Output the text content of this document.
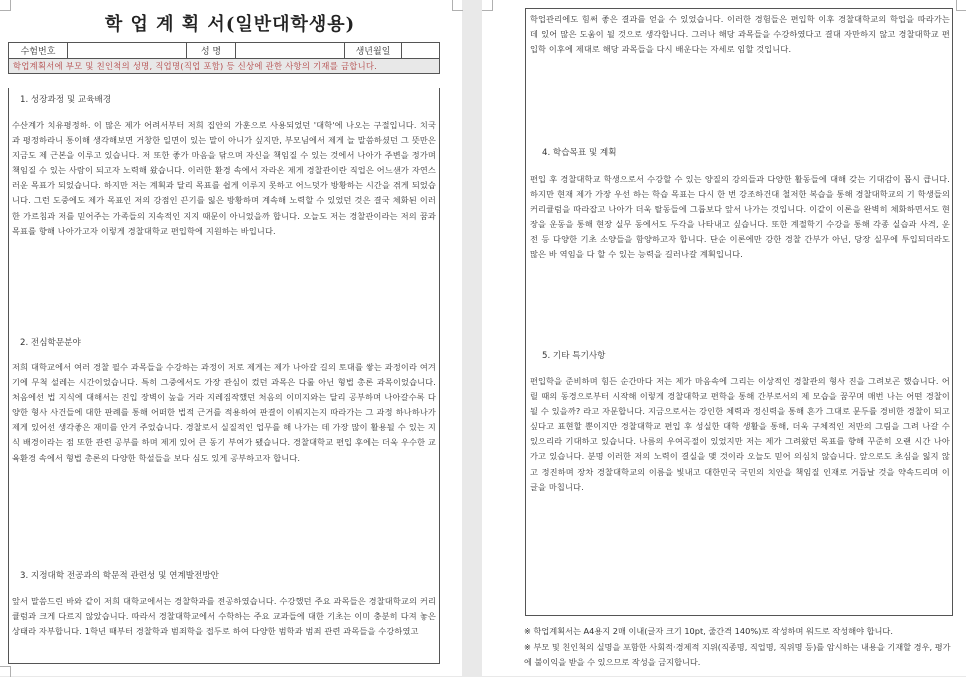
학 업 계 획 서(일반대학생용)
수험번호		성 명		생년월일	
학업계획서에 부모 및 친인척의 성명, 직업명(직업 포함) 등 신상에 관한 사항의 기재를 금합니다.
1. 성장과정 및 교육배경
수산계가 치유평정하. 이 많은 제가 어려서부터 저희 집안의 가훈으로 사용되었던 '대학'에 나오는 구절입니다. 치국과 평정하라니 통이해 생각해보면 거창한 일면이 있는 말이 아니가 싶지만, 부모님에서 제게 늘 말씀하셨던 그 뜻만은 지금도 제 근본을 이루고 있습니다. 저 또한 좋가 마음을 닦으며 자신을 책임질 수 있는 것에서 나아가 주변을 정가며 책임질 수 있는 사람이 되고자 노력해 왔습니다. 이러한 환경 속에서 자라온 제게 경찰관이란 직업은 어느샌가 자연스러운 목표가 되었습니다. 하지만 저는 계획과 달리 목표를 쉽게 이루지 못하고 어느덧가 방황하는 시간을 겪게 되었습니다. 그런 도중에도 제가 목표인 저의 강점인 끈기를 잃은 방황하며 계속해 노력할 수 있었던 것은 결국 체화된 이러한 가르침과 저를 믿어주는 가족들의 지속적인 지지 때문이 아니었을까 합니다. 오늘도 저는 경찰관이라는 저의 꿈과 목표를 향해 나아가고자 이렇게 경찰대학교 편입학에 지원하는 바입니다.
2. 전심학문분야
저희 대학교에서 여러 경찰 필수 과목들을 수강하는 과정이 저로 제게는 제가 나아갈 길의 토대를 쌓는 과정이라 여겨기에 무척 설레는 시간이었습니다. 특히 그중에서도 가장 관심이 컸던 과목은 다룰 아닌 형법 총론 과목이었습니다. 처음에선 법 지식에 대해서는 진입 장벽이 높을 거라 지레짐작했던 처음의 이미지와는 달리 공부하며 나아갈수록 다양한 형사 사건들에 대한 판례를 통해 어떠한 법적 근거를 적용하여 판결이 이뤄지는지 따라가는 그 과정 하나하나가 제게 있어선 생각좋은 재미를 안겨 주었습니다. 경찰로서 실질적인 업무를 해 나가는 데 가장 많이 활용될 수 있는 지식 배경이라는 점 또한 관련 공부를 하며 제게 있어 큰 동기 부여가 됐습니다. 경찰대학교 편입 후에는 더욱 우수한 교육환경 속에서 형법 총론의 다양한 학설들을 보다 심도 있게 공부하고자 합니다.
3. 지정대학 전공과의 학문적 관련성 및 연계발전방안
앞서 말씀드린 바와 같이 저희 대학교에서는 경찰학과를 전공하였습니다. 수강했던 주요 과목들은 경찰대학교의 커리큘럼과 크게 다르지 않았습니다. 따라서 경찰대학교에서 수학하는 주요 교과들에 대한 기초는 이미 충분히 다져 놓은 상태라 자부합니다. 1학년 때부터 경찰학과 범죄학을 접두로 하여 다양한 범학과 범죄 관련 과목들을 수강하였고
학업관리에도 힘써 좋은 결과를 얻을 수 있었습니다. 이러한 경험들은 편입학 이후 경찰대학교의 학업을 따라가는 데 있어 많은 도움이 될 것으로 생각합니다. 그러나 해당 과목들을 수강하였다고 결대 자만하지 않고 경찰대학교 편입학 이후에 제대로 해당 과목들을 다시 배운다는 자세로 임할 것입니다.
4. 학습목표 및 계획
편입 후 경찰대학교 학생으로서 수강할 수 있는 양질의 강의들과 다양한 활동들에 대해 갖는 기대감이 몹시 큽니다. 하지만 현재 제가 가장 우선 하는 학습 목표는 다시 한 번 강조하건대 철저한 복습을 통해 경찰대학교의 기 학생들의 커리큘럼을 따라잡고 나아가 더욱 탈동들에 그룹보다 앞서 나가는 것입니다. 이같이 이론을 완벽히 체화하면서도 현장을 운동을 통해 현장 실무 동에서도 두각을 나타내고 싶습니다. 또한 계절학기 수강을 통해 각종 실습과 사격, 운전 등 다양한 기초 소양들을 함양하고자 합니다. 단순 이론에만 강한 경찰 간부가 아닌, 당장 실무에 투입되더라도 많은 바 역임을 다 할 수 있는 능력을 길러나갈 계획입니다.
5. 기타 특기사항
편입학을 준비하며 힘든 순간마다 저는 제가 마음속에 그리는 이상적인 경찰관의 형사 진을 그려보곤 했습니다. 어릴 때의 동경으로부터 시작해 이렇게 경찰대학교 편학을 통해 간부로서의 제 모습을 꿈꾸며 매번 나는 어떤 경찰이 될 수 있을까? 라고 자문합니다. 지금으로서는 강인한 체력과 정신력을 통해 흔가 그대로 문두를 경비한 경찰이 되고 싶다고 표현할 뿐이지만 경찰대학교 편입 후 성실한 대학 생활을 통해, 더욱 구체적인 저만의 그림을 그려 나갈 수 있으리라 기대하고 있습니다. 나름의 우여곡절이 있었지만 저는 제가 그려왔던 목표를 향해 꾸준히 오랜 시간 나아가고 있습니다. 분명 이러한 저의 노력이 결실을 맺 것이라 오늘도 믿어 의심치 않습니다. 앞으로도 초심을 잃지 않고 정진하며 장차 경찰대학교의 이름을 빛내고 대한민국 국민의 치안을 책임질 인재로 거듭날 것을 약속드리며 이 글을 마칩니다.
※ 학업계획서는 A4용지 2매 이내(글자 크기 10pt, 줄간격 140%)로 작성하며 워드로 작성해야 합니다.
※ 부모 및 친인척의 실명을 포함한 사회적·경제적 지위(직종명, 직업명, 직위명 등)를 암시하는 내용을 기재할 경우, 평가에 불이익을 받을 수 있으므로 작성을 금지합니다.
